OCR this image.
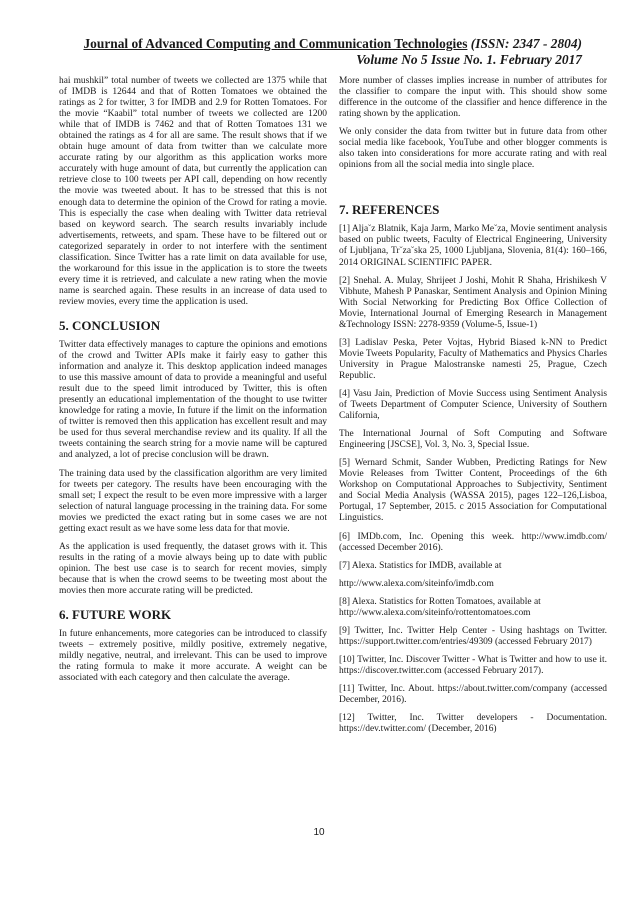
Journal of Advanced Computing and Communication Technologies (ISSN: 2347 - 2804)
Volume No 5 Issue No. 1. February 2017

hai mushkil” total number of tweets we collected are 1375 while that of IMDB is 12644 and that of Rotten Tomatoes we obtained the ratings as 2 for twitter, 3 for IMDB and 2.9 for Rotten Tomatoes. For the movie “Kaabil” total number of tweets we collected are 1200 while that of IMDB is 7462 and that of Rotten Tomatoes 131 we obtained the ratings as 4 for all are same. The result shows that if we obtain huge amount of data from twitter than we calculate more accurate rating by our algorithm as this application works more accurately with huge amount of data, but currently the application can retrieve close to 100 tweets per API call, depending on how recently the movie was tweeted about. It has to be stressed that this is not enough data to determine the opinion of the Crowd for rating a movie. This is especially the case when dealing with Twitter data retrieval based on keyword search. The search results invariably include advertisements, retweets, and spam. These have to be filtered out or categorized separately in order to not interfere with the sentiment classification. Since Twitter has a rate limit on data available for use, the workaround for this issue in the application is to store the tweets every time it is retrieved, and calculate a new rating when the movie name is searched again. These results in an increase of data used to review movies, every time the application is used.

5. CONCLUSION

Twitter data effectively manages to capture the opinions and emotions of the crowd and Twitter APIs make it fairly easy to gather this information and analyze it. This desktop application indeed manages to use this massive amount of data to provide a meaningful and useful result due to the speed limit introduced by Twitter, this is often presently an educational implementation of the thought to use twitter knowledge for rating a movie, In future if the limit on the information of twitter is removed then this application has excellent result and may be used for thus several merchandise review and its quality. If all the tweets containing the search string for a movie name will be captured and analyzed, a lot of precise conclusion will be drawn.

The training data used by the classification algorithm are very limited for tweets per category. The results have been encouraging with the small set; I expect the result to be even more impressive with a larger selection of natural language processing in the training data. For some movies we predicted the exact rating but in some cases we are not getting exact result as we have some less data for that movie.

As the application is used frequently, the dataset grows with it. This results in the rating of a movie always being up to date with public opinion. The best use case is to search for recent movies, simply because that is when the crowd seems to be tweeting most about the movies then more accurate rating will be predicted.

6. FUTURE WORK

In future enhancements, more categories can be introduced to classify tweets – extremely positive, mildly positive, extremely negative, mildly negative, neutral, and irrelevant. This can be used to improve the rating formula to make it more accurate. A weight can be associated with each category and then calculate the average.

More number of classes implies increase in number of attributes for the classifier to compare the input with. This should show some difference in the outcome of the classifier and hence difference in the rating shown by the application.

We only consider the data from twitter but in future data from other social media like facebook, YouTube and other blogger comments is also taken into considerations for more accurate rating and with real opinions from all the social media into single place.

7. REFERENCES

[1] Alja˘z Blatnik, Kaja Jarm, Marko Me˘za, Movie sentiment analysis based on public tweets, Faculty of Electrical Engineering, University of Ljubljana, Tr˘za˘ska 25, 1000 Ljubljana, Slovenia, 81(4): 160–166, 2014 ORIGINAL SCIENTIFIC PAPER.

[2] Snehal. A. Mulay, Shrijeet J Joshi, Mohit R Shaha, Hrishikesh V Vibhute, Mahesh P Panaskar, Sentiment Analysis and Opinion Mining With Social Networking for Predicting Box Office Collection of Movie, International Journal of Emerging Research in Management &Technology ISSN: 2278-9359 (Volume-5, Issue-1)

[3] Ladislav Peska, Peter Vojtas, Hybrid Biased k-NN to Predict Movie Tweets Popularity, Faculty of Mathematics and Physics Charles University in Prague Malostranske namesti 25, Prague, Czech Republic.

[4] Vasu Jain, Prediction of Movie Success using Sentiment Analysis of Tweets Department of Computer Science, University of Southern California,

The International Journal of Soft Computing and Software Engineering [JSCSE], Vol. 3, No. 3, Special Issue.

[5] Wernard Schmit, Sander Wubben, Predicting Ratings for New Movie Releases from Twitter Content, Proceedings of the 6th Workshop on Computational Approaches to Subjectivity, Sentiment and Social Media Analysis (WASSA 2015), pages 122–126,Lisboa, Portugal, 17 September, 2015. c 2015 Association for Computational Linguistics.

[6] IMDb.com, Inc. Opening this week. http://www.imdb.com/ (accessed December 2016).

[7] Alexa. Statistics for IMDB, available at

http://www.alexa.com/siteinfo/imdb.com

[8] Alexa. Statistics for Rotten Tomatoes, available at http://www.alexa.com/siteinfo/rottentomatoes.com

[9] Twitter, Inc. Twitter Help Center - Using hashtags on Twitter. https://support.twitter.com/entries/49309 (accessed February 2017)

[10] Twitter, Inc. Discover Twitter - What is Twitter and how to use it. https://discover.twitter.com (accessed February 2017).

[11] Twitter, Inc. About. https://about.twitter.com/company (accessed December, 2016).

[12] Twitter, Inc. Twitter developers - Documentation. https://dev.twitter.com/ (December, 2016)

10
